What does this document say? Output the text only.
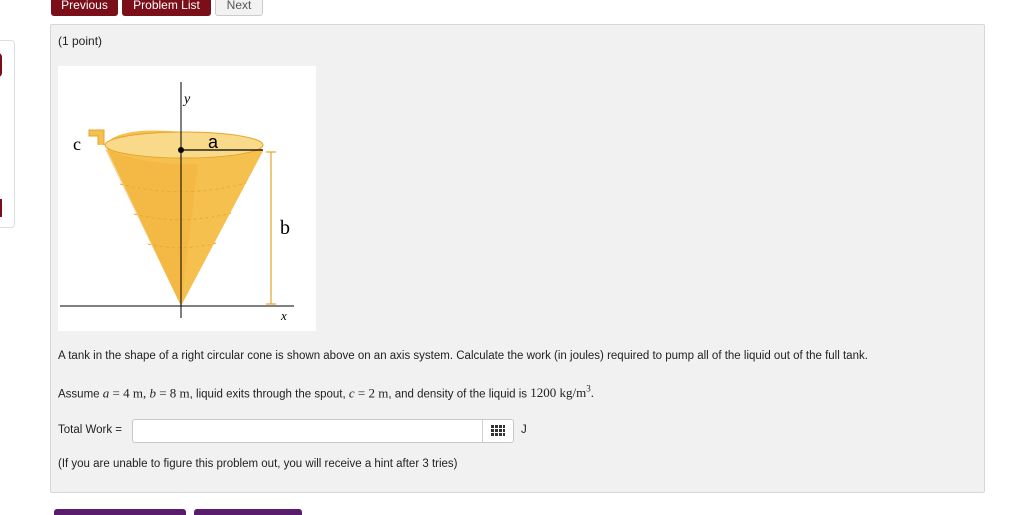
Previous	Problem List	Next
(1 point)
y
a
c
b
x
A tank in the shape of a right circular cone is shown above on an axis system. Calculate the work (in joules) required to pump all of the liquid out of the full tank.
Assume a = 4 m, b = 8 m, liquid exits through the spout, c = 2 m, and density of the liquid is 1200 $kg/m^3$.
Total Work =	J
(If you are unable to figure this problem out, you will receive a hint after 3 tries)
